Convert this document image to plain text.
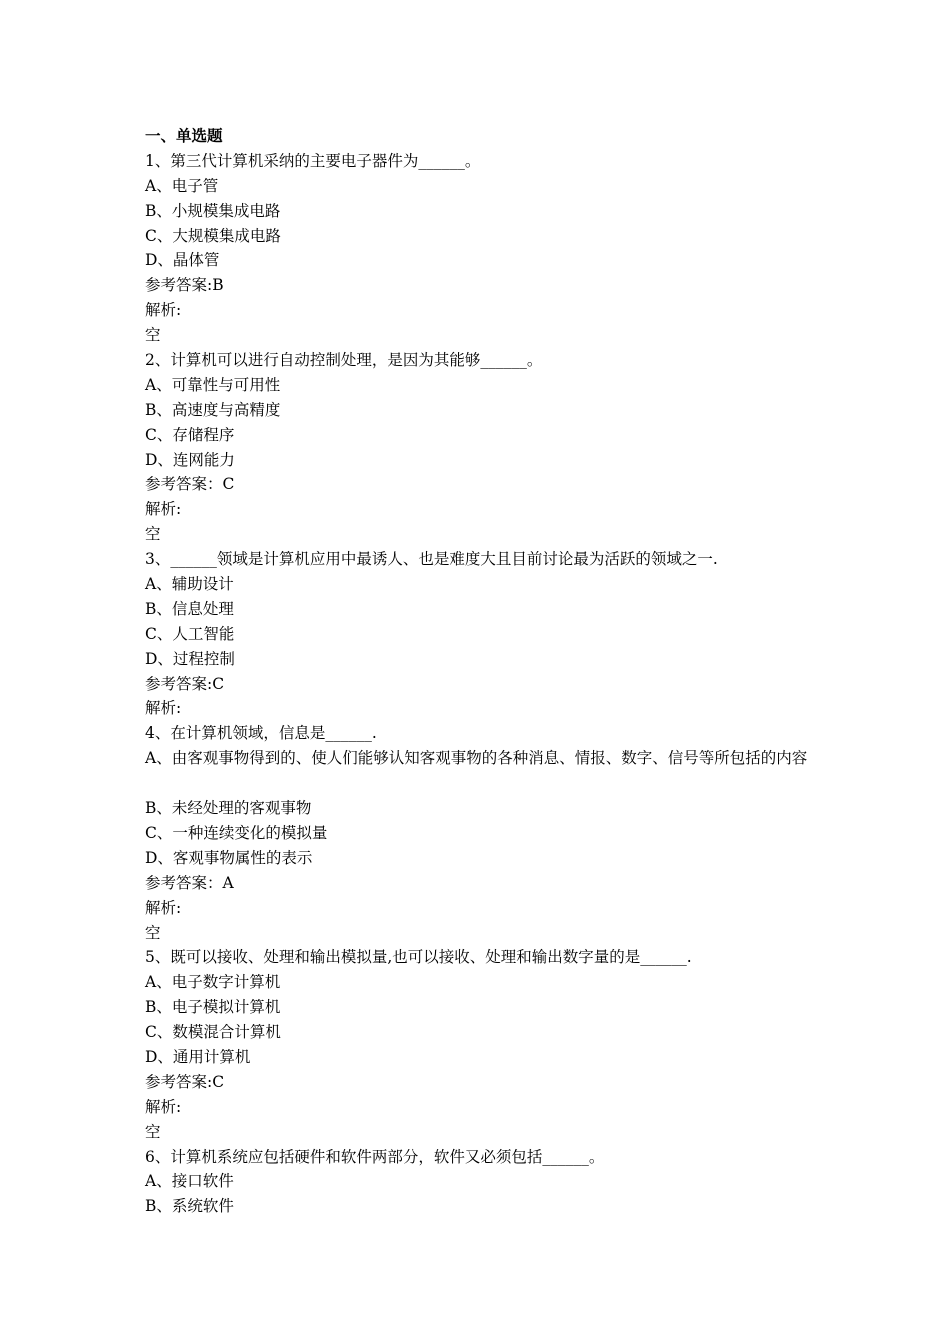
一、单选题
1、第三代计算机采纳的主要电子器件为______。
A、电子管
B、小规模集成电路
C、大规模集成电路
D、晶体管
参考答案:B
解析:
空
2、计算机可以进行自动控制处理，是因为其能够______。
A、可靠性与可用性
B、高速度与高精度
C、存储程序
D、连网能力
参考答案：C
解析:
空
3、______领域是计算机应用中最诱人、也是难度大且目前讨论最为活跃的领域之一.
A、辅助设计
B、信息处理
C、人工智能
D、过程控制
参考答案:C
解析:
4、在计算机领域，信息是______.
A、由客观事物得到的、使人们能够认知客观事物的各种消息、情报、数字、信号等所包括的内容
B、未经处理的客观事物
C、一种连续变化的模拟量
D、客观事物属性的表示
参考答案：A
解析:
空
5、既可以接收、处理和输出模拟量,也可以接收、处理和输出数字量的是______.
A、电子数字计算机
B、电子模拟计算机
C、数模混合计算机
D、通用计算机
参考答案:C
解析:
空
6、计算机系统应包括硬件和软件两部分，软件又必须包括______。
A、接口软件
B、系统软件
